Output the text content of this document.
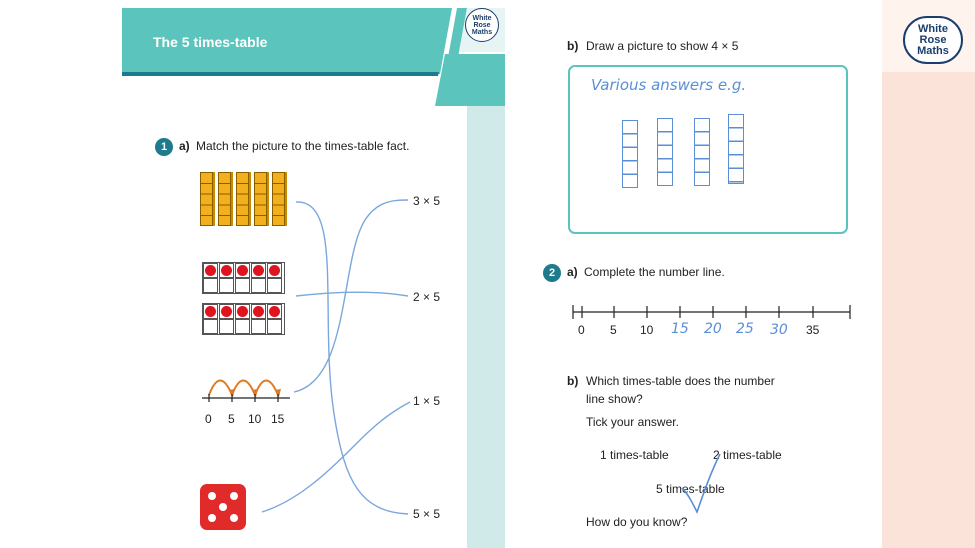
The 5 times-table
White
Rose
Maths
1 a) Match the picture to the times-table fact.
0 5 10 15
3 × 5
2 × 5
1 × 5
5 × 5
White
Rose
Maths
b) Draw a picture to show 4 × 5
Various answers e.g.
2 a) Complete the number line.
0 5 10 15 20 25 30 35
b) Which times-table does the number
line show?
Tick your answer.
1 times-table	2 times-table
5 times-table
How do you know?
